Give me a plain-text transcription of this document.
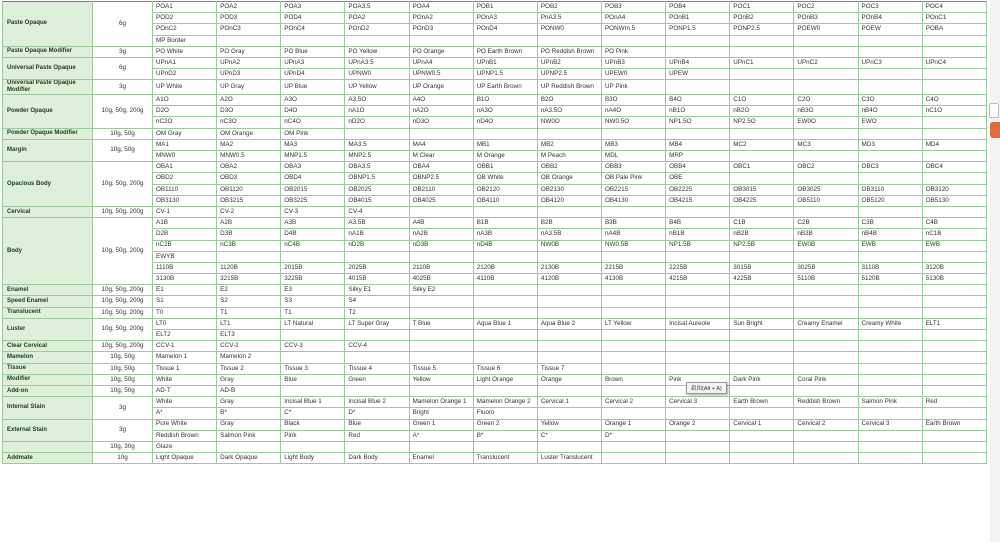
Paste Opaque	6g	POA1	POA2	POA3	POA3.5	POA4	POB1	POB2	POB3	POB4	POC1	POC2	POC3	POC4
		POD2	POD3	POD4	POA2	POnA2	POnA3	PnA3.5	POnA4	POnB1	POnB2	POnB3	POnB4	POnC1
		POnC2	POnC3	POnC4	POnD2	POnD3	POnD4	PONW0	PONWm.5	PONP1.5	PONP2.5	POEW0	POEW	POBA
		MP Border												
Paste Opaque Modifier	3g	PO White	PO Gray	PO Blue	PO Yellow	PO Orange	PO Earth Brown	PO Reddish Brown	PO Pink					
Universal Paste Opaque	6g	UPnA1	UPnA2	UPnA3	UPnA3.5	UPnA4	UPnB1	UPnB2	UPnB3	UPnB4	UPnC1	UPnC2	UPnC3	UPnC4
		UPnD2	UPnD3	UPnD4	UPNW0	UPNW0.5	UPNP1.5	UPNP2.5	UPEW0	UPEW				
Universal Paste Opaque Modifier	3g	UP White	UP Gray	UP Blue	UP Yellow	UP Orange	UP Earth Brown	UP Reddish Brown	UP Pink					
Powder Opaque	10g, 50g, 200g	A1O	A2O	A3O	A3.5O	A4O	B1O	B2O	B3O	B4O	C1O	C2O	C3O	C4O
		D2O	D3O	D4O	nA1O	nA2O	nA3O	nA3.5O	nA4O	nB1O	nB2O	nB3O	nB4O	nC1O
		nC2O	nC3O	nC4O	nD2O	nD3O	nD4O	NW0O	NW0.5O	NP1.5O	NP2.5O	EW0O	EWO	
Powder Opaque Modifier	10g, 50g	OM Gray	OM Orange	OM Pink										
Margin	10g, 50g	MA1	MA2	MA3	MA3.5	MA4	MB1	MB2	MB3	MB4	MC2	MC3	MD3	MD4
		MNW0	MNW0.5	MNP1.5	MNP2.5	M Clear	M Orange	M Peach	MDL	MRP				
Opacious Body	10g, 50g, 200g	OBA1	OBA2	OBA3	OBA3.5	OBA4	OBB1	OBB2	OBB3	OBB4	OBC1	OBC2	OBC3	OBC4
		OBD2	OBD3	OBD4	OBNP1.5	OBNP2.5	OB White	OB Orange	OB Pale Pink	OBE				
		OB1110	OB1120	OB2015	OB2025	OB2110	OB2120	OB2130	OB2215	OB2225	OB3015	OB3025	OB3110	OB3120
		OB3130	OB3215	OB3225	OB4015	OB4025	OB4110	OB4120	OB4130	OB4215	OB4225	OB5110	OB5120	OB5130
Cervical	10g, 50g, 200g	CV-1	CV-2	CV-3	CV-4									
Body	10g, 50g, 200g	A1B	A2B	A3B	A3.5B	A4B	B1B	B2B	B3B	B4B	C1B	C2B	C3B	C4B
		D2B	D3B	D4B	nA1B	nA2B	nA3B	nA3.5B	nA4B	nB1B	nB2B	nB3B	nB4B	nC1B
		nC2B	nC3B	nC4B	nD2B	nD3B	nD4B	NW0B	NW0.5B	NP1.5B	NP2.5B	EW0B	EWB	EWB
		EWYB												
		1110B	1120B	2015B	2025B	2110B	2120B	2130B	2215B	2225B	3015B	3025B	3110B	3120B
		3130B	3215B	3225B	4015B	4025B	4110B	4120B	4130B	4215B	4225B	5110B	5120B	5130B
Enamel	10g, 50g, 200g	E1	E2	E3	Silky E1	Silky E2								
Speed Enamel	10g, 50g, 200g	S1	S2	S3	S4									
Translucent	10g, 50g, 200g	T0	T1	T1	T2									
Luster	10g, 50g, 200g	LT0	LT1	LT Natural	LT Super Gray	T Blue	Aqua Blue 1	Aqua Blue 2	LT Yellow	Incisal Aureole	Sun Bright	Creamy Enamel	Creamy White	ELT1
		ELT2	ELT3											
Clear Cervical	10g, 50g, 200g	CCV-1	CCV-2	CCV-3	CCV-4									
Mamelon	10g, 50g	Mamelon 1	Mamelon 2											
Tissue	10g, 50g	Tissue 1	Tissue 2	Tissue 3	Tissue 4	Tissue 5	Tissue 6	Tissue 7						
Modifier	10g, 50g	White	Gray	Blue	Green	Yellow	Light Orange	Orange	Brown	Pink	Dark Pink	Coral Pink		
Add-on	10g, 50g	AD-T	AD-B											
Internal Stain	3g	White	Gray	Incisal Blue 1	Incisal Blue 2	Mamelon Orange 1	Mamelon Orange 2	Cervical 1	Cervical 2	Cervical 3	Earth Brown	Reddish Brown	Salmon Pink	Red
		A*	B*	C*	D*	Bright	Fluoro							
External Stain	3g	Pure White	Gray	Black	Blue	Green 1	Green 2	Yellow	Orange 1	Orange 2	Cervical 1	Cervical 2	Cervical 3	Earth Brown
		Reddish Brown	Salmon Pink	Pink	Red	A*	B*	C*	D*					
	10g, 30g	Glaze												
Addmate	10g	Light Opaque	Dark Opaque	Light Body	Dark Body	Enamel	Translucent	Luster Translucent						
截图(Alt + A)
